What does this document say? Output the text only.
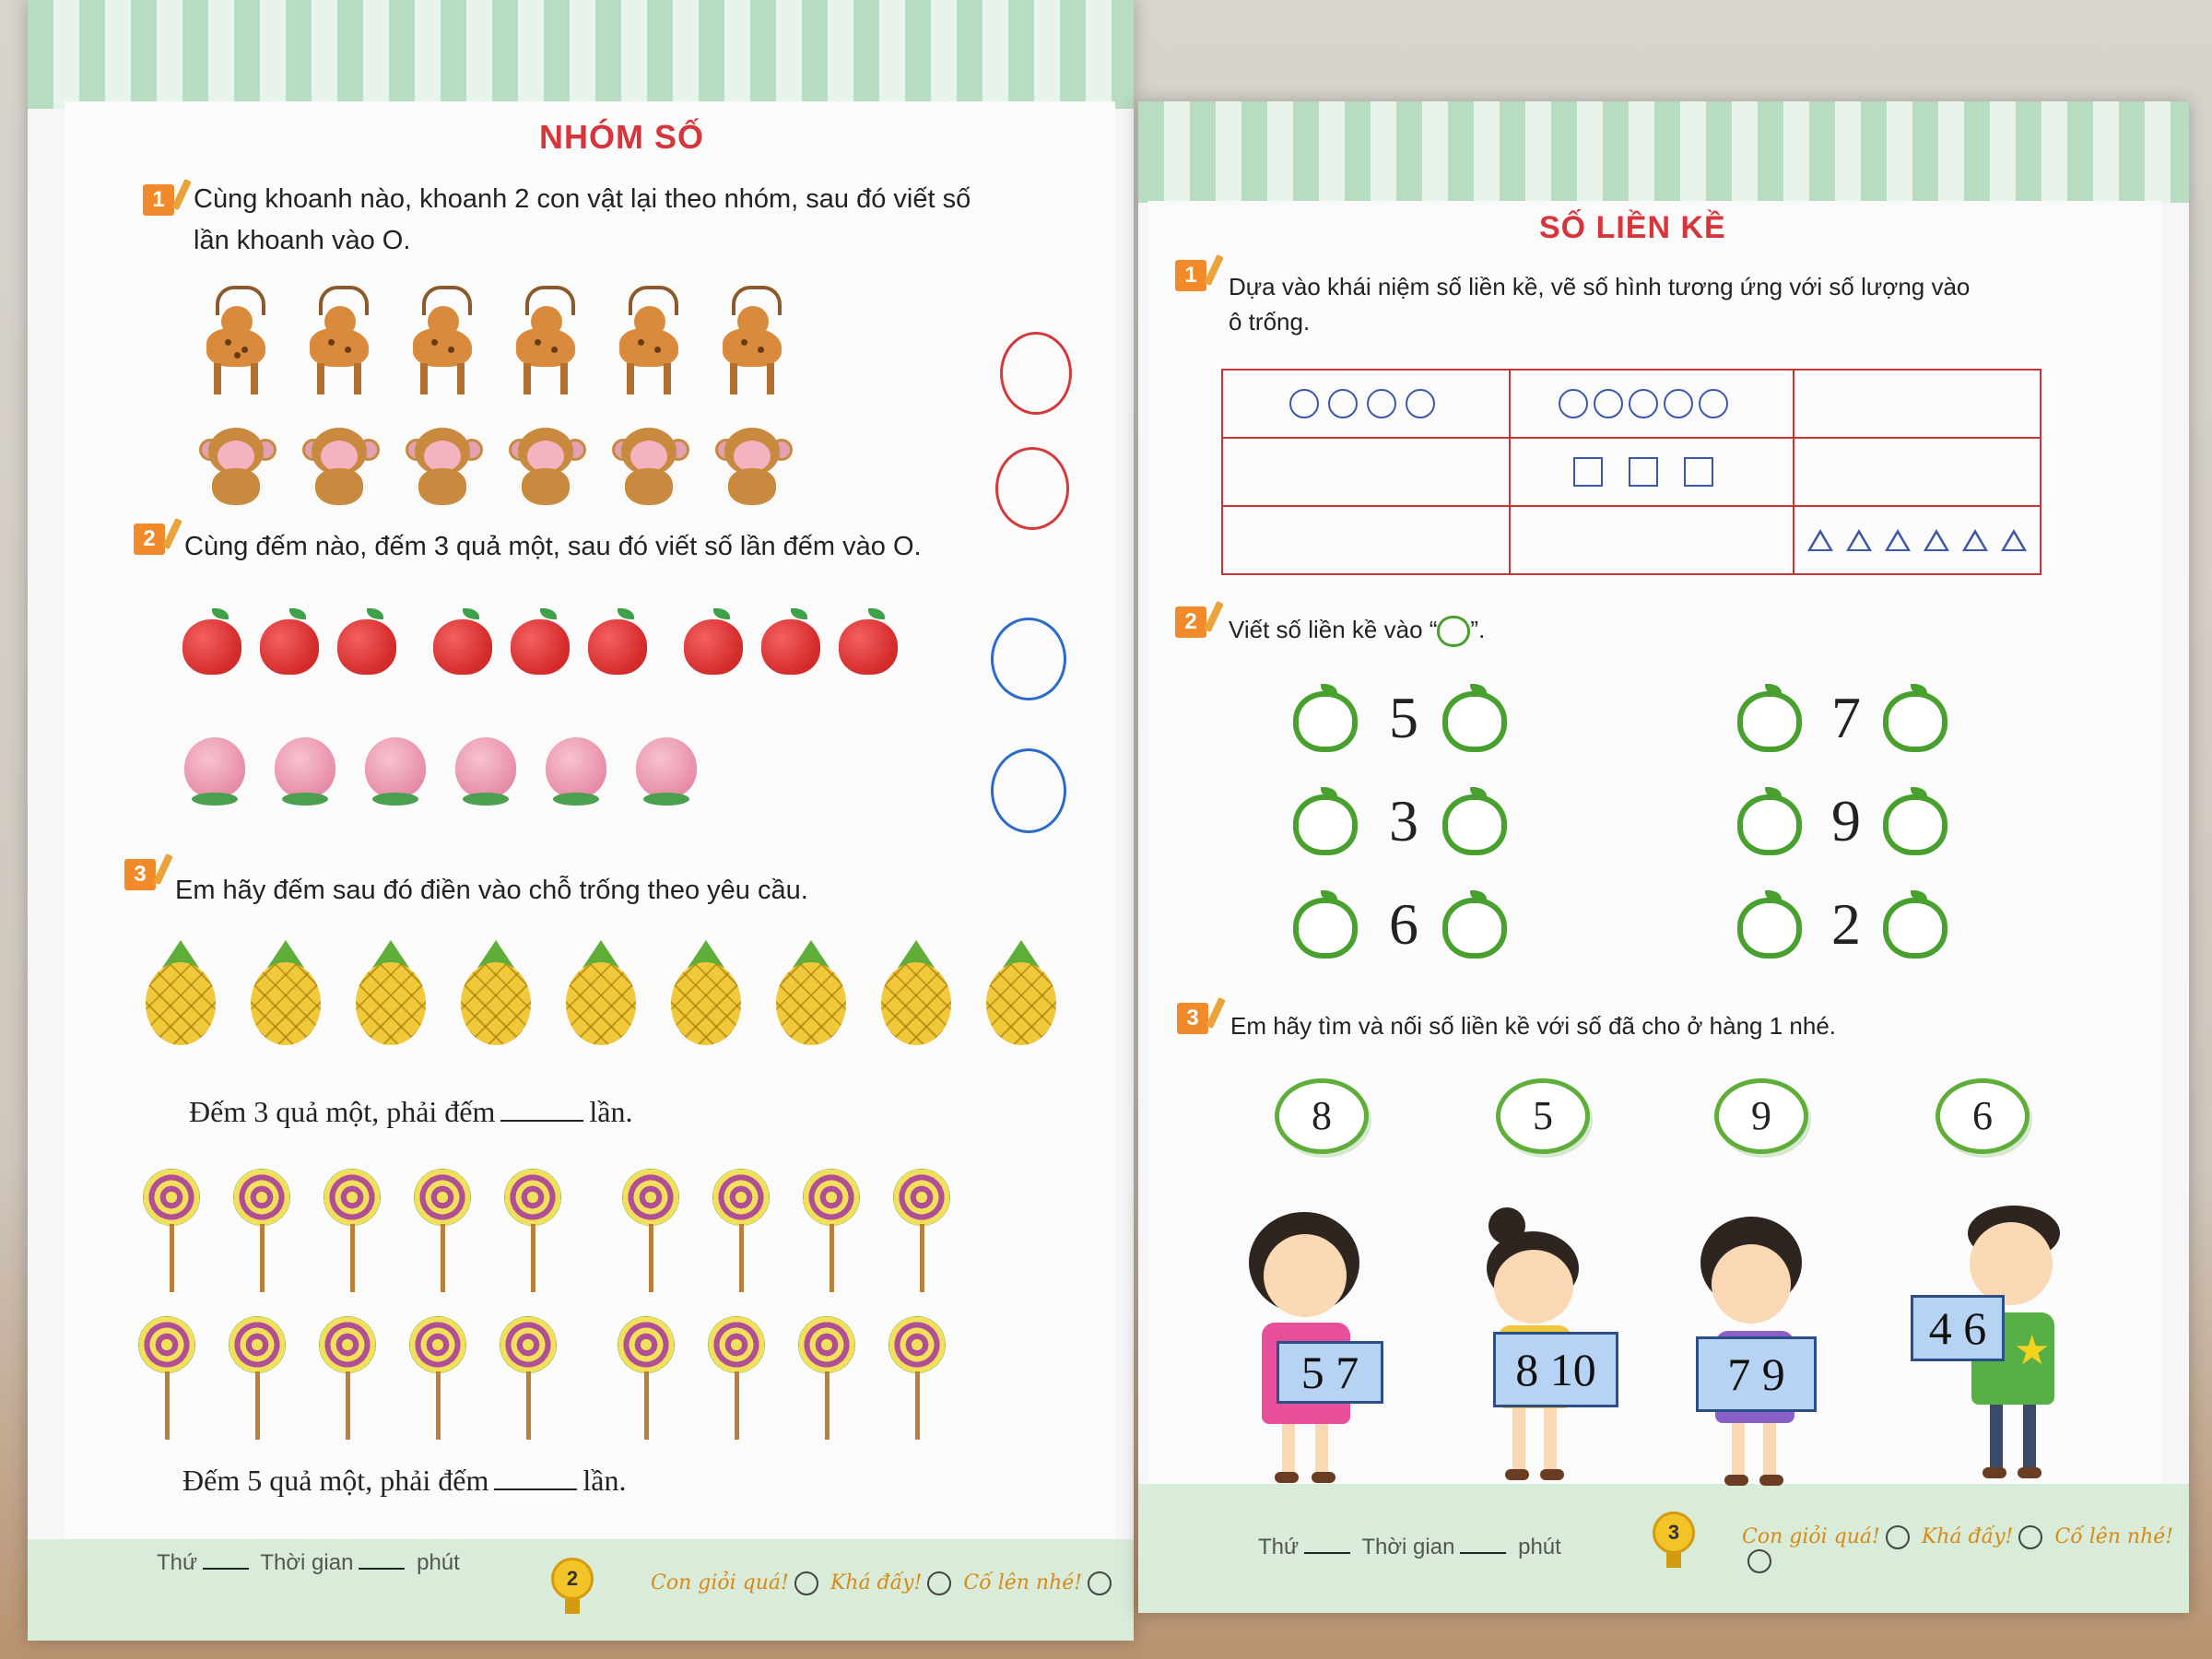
NHÓM SỐ
1	Cùng khoanh nào, khoanh 2 con vật lại theo nhóm, sau đó viết số
lần khoanh vào O.
2	Cùng đếm nào, đếm 3 quả một, sau đó viết số lần đếm vào O.
3
Em hãy đếm sau đó điền vào chỗ trống theo yêu cầu.
Đếm 3 quả một, phải đếm	lần.
Đếm 5 quả một, phải đếm	lần.
Thứ	Thời gian	phút
2	Con giỏi quá! Khá đấy! Cố lên nhé!
SỐ LIỀN KỀ
1	Dựa vào khái niệm số liền kề, vẽ số hình tương ứng với số lượng vào
ô trống.
2	Viết số liền kề vào “ ”.
5	7
3	9
6	2
3	Em hãy tìm và nối số liền kề với số đã cho ở hàng 1 nhé.
8	5	9	6
5 7	8 10	7 9
4 6 ★
Thứ	Thời gian	phút
3	Con giỏi quá! Khá đấy! Cố lên nhé!
